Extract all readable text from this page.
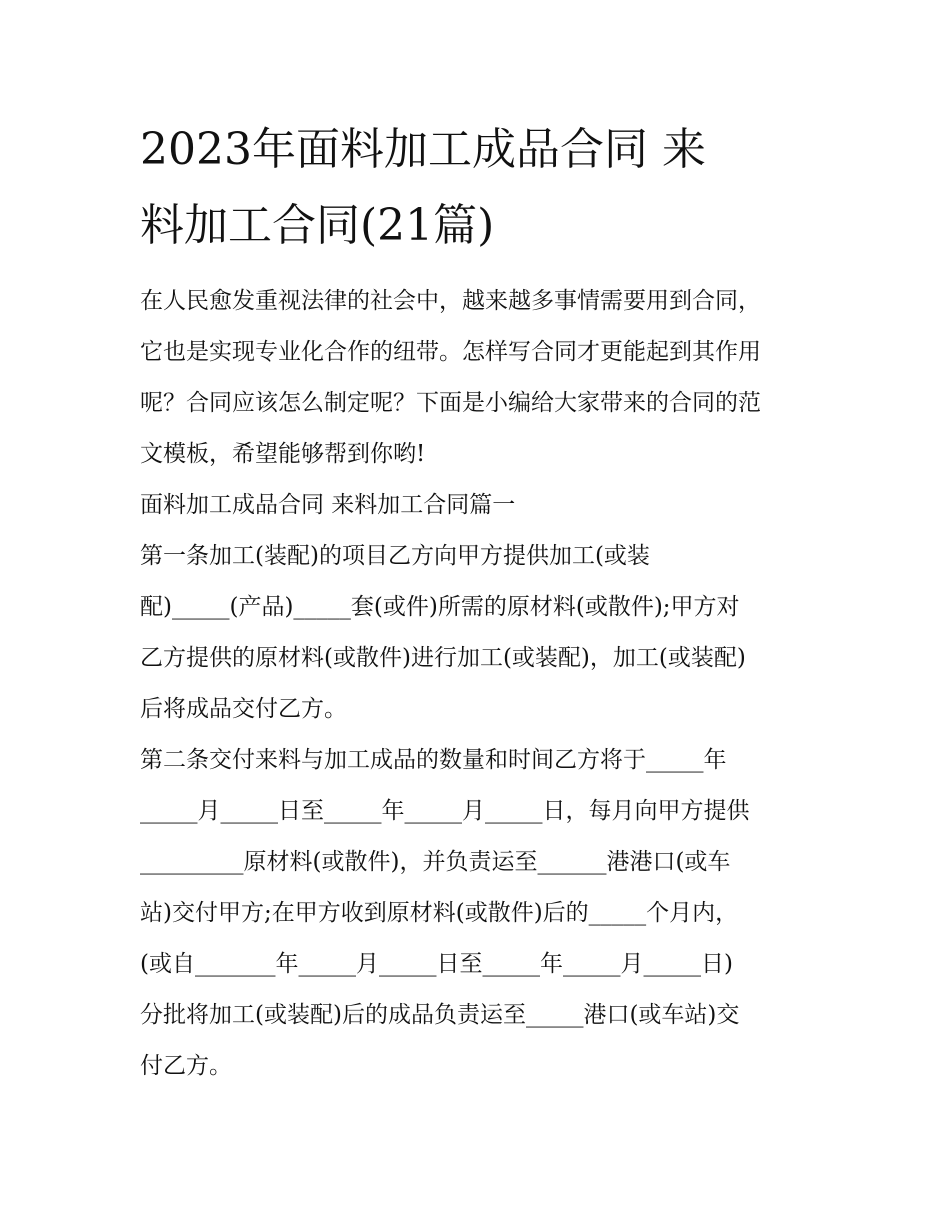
2023年面料加工成品合同 来
料加工合同(21篇)
在人民愈发重视法律的社会中，越来越多事情需要用到合同，
它也是实现专业化合作的纽带。怎样写合同才更能起到其作用
呢？合同应该怎么制定呢？下面是小编给大家带来的合同的范
文模板，希望能够帮到你哟!
面料加工成品合同 来料加工合同篇一
第一条加工(装配)的项目乙方向甲方提供加工(或装
配)_____(产品)_____套(或件)所需的原材料(或散件);甲方对
乙方提供的原材料(或散件)进行加工(或装配)，加工(或装配)
后将成品交付乙方。
第二条交付来料与加工成品的数量和时间乙方将于_____年
_____月_____日至_____年_____月_____日，每月向甲方提供
_________原材料(或散件)，并负责运至______港港口(或车
站)交付甲方;在甲方收到原材料(或散件)后的_____个月内，
(或自_______年_____月_____日至_____年_____月_____日)
分批将加工(或装配)后的成品负责运至_____港口(或车站)交
付乙方。
